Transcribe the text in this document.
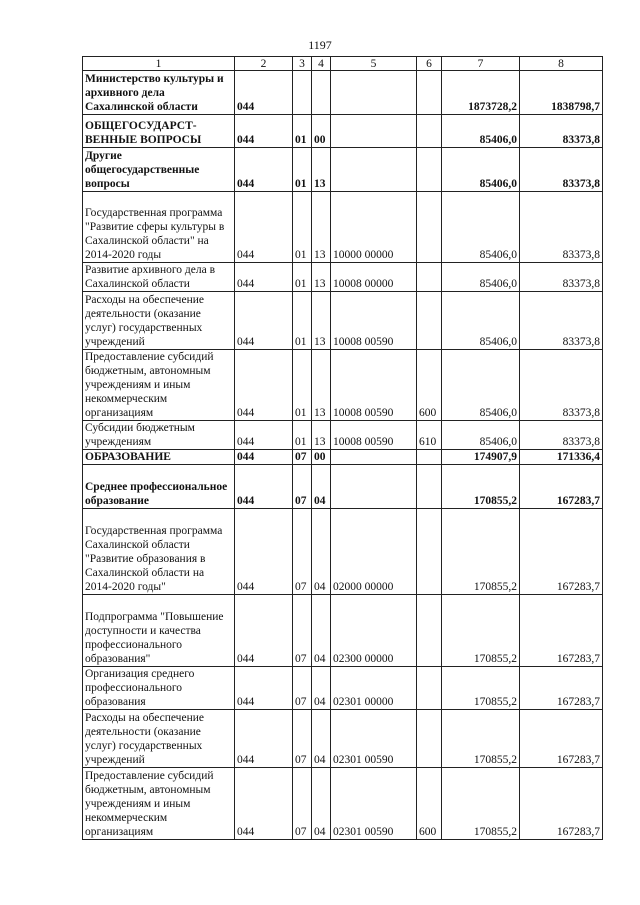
1197
1	2	3	4	5	6	7	8
Министерство культуры и архивного дела Сахалинской области	044					1873728,2	1838798,7
ОБЩЕГОСУДАРСТ-ВЕННЫЕ ВОПРОСЫ	044	01	00			85406,0	83373,8
Другие общегосударственные вопросы	044	01	13			85406,0	83373,8
Государственная программа "Развитие сферы культуры в Сахалинской области" на 2014-2020 годы	044	01	13	10000 00000		85406,0	83373,8
Развитие архивного дела в Сахалинской области	044	01	13	10008 00000		85406,0	83373,8
Расходы на обеспечение деятельности (оказание услуг) государственных учреждений	044	01	13	10008 00590		85406,0	83373,8
Предоставление субсидий бюджетным, автономным учреждениям и иным некоммерческим организациям	044	01	13	10008 00590	600	85406,0	83373,8
Субсидии бюджетным учреждениям	044	01	13	10008 00590	610	85406,0	83373,8
ОБРАЗОВАНИЕ	044	07	00			174907,9	171336,4
Среднее профессиональное образование	044	07	04			170855,2	167283,7
Государственная программа Сахалинской области "Развитие образования в Сахалинской области на 2014-2020 годы"	044	07	04	02000 00000		170855,2	167283,7
Подпрограмма "Повышение доступности и качества профессионального образования"	044	07	04	02300 00000		170855,2	167283,7
Организация среднего профессионального образования	044	07	04	02301 00000		170855,2	167283,7
Расходы на обеспечение деятельности (оказание услуг) государственных учреждений	044	07	04	02301 00590		170855,2	167283,7
Предоставление субсидий бюджетным, автономным учреждениям и иным некоммерческим организациям	044	07	04	02301 00590	600	170855,2	167283,7
